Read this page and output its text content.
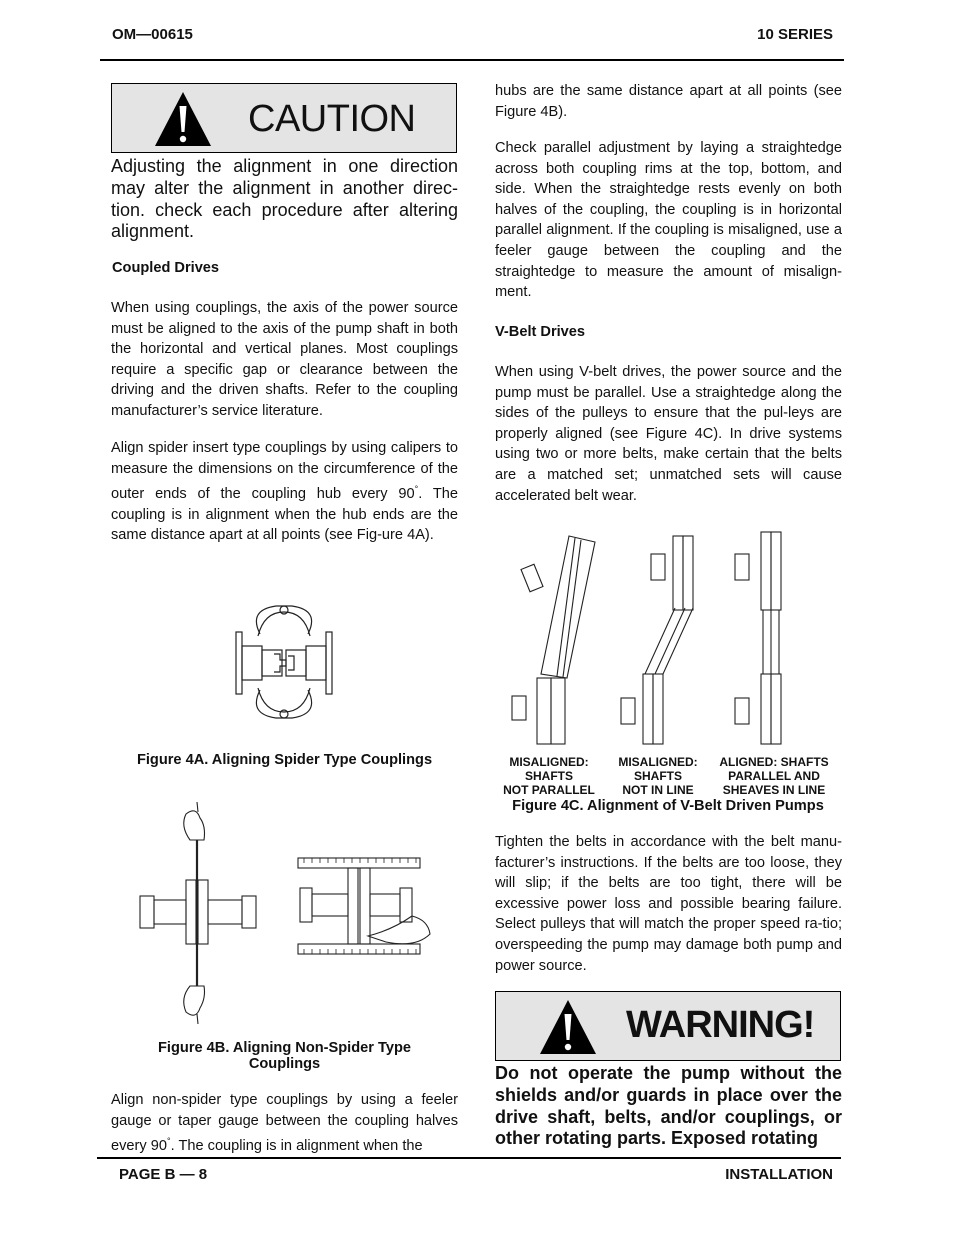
OM—00615	10 SERIES
CAUTION
Adjusting the alignment in one direction may alter the alignment in another direc-tion. check each procedure after altering alignment.
Coupled Drives
When using couplings, the axis of the power source must be aligned to the axis of the pump shaft in both the horizontal and vertical planes. Most couplings require a specific gap or clearance between the driving and the driven shafts. Refer to the coupling manufacturer’s service literature.
Align spider insert type couplings by using calipers to measure the dimensions on the circumference of the outer ends of the coupling hub every 90°. The coupling is in alignment when the hub ends are the same distance apart at all points (see Fig-ure 4A).
Figure 4A. Aligning Spider Type Couplings
Figure 4B. Aligning Non-Spider Type
Couplings
Align non-spider type couplings by using a feeler gauge or taper gauge between the coupling halves every 90°. The coupling is in alignment when the
hubs are the same distance apart at all points (see Figure 4B).
Check parallel adjustment by laying a straightedge across both coupling rims at the top, bottom, and side. When the straightedge rests evenly on both halves of the coupling, the coupling is in horizontal parallel alignment. If the coupling is misaligned, use a feeler gauge between the coupling and the straightedge to measure the amount of misalign-ment.
V-Belt Drives
When using V-belt drives, the power source and the pump must be parallel. Use a straightedge along the sides of the pulleys to ensure that the pul-leys are properly aligned (see Figure 4C). In drive systems using two or more belts, make certain that the belts are a matched set; unmatched sets will cause accelerated belt wear.
MISALIGNED:
SHAFTS
NOT PARALLEL
MISALIGNED:
SHAFTS
NOT IN LINE
ALIGNED: SHAFTS
PARALLEL AND
SHEAVES IN LINE
Figure 4C. Alignment of V-Belt Driven Pumps
Tighten the belts in accordance with the belt manu-facturer’s instructions. If the belts are too loose, they will slip; if the belts are too tight, there will be excessive power loss and possible bearing failure. Select pulleys that will match the proper speed ra-tio; overspeeding the pump may damage both pump and power source.
WARNING!
Do not operate the pump without the shields and/or guards in place over the drive shaft, belts, and/or couplings, or other rotating parts. Exposed rotating
PAGE B — 8	INSTALLATION
